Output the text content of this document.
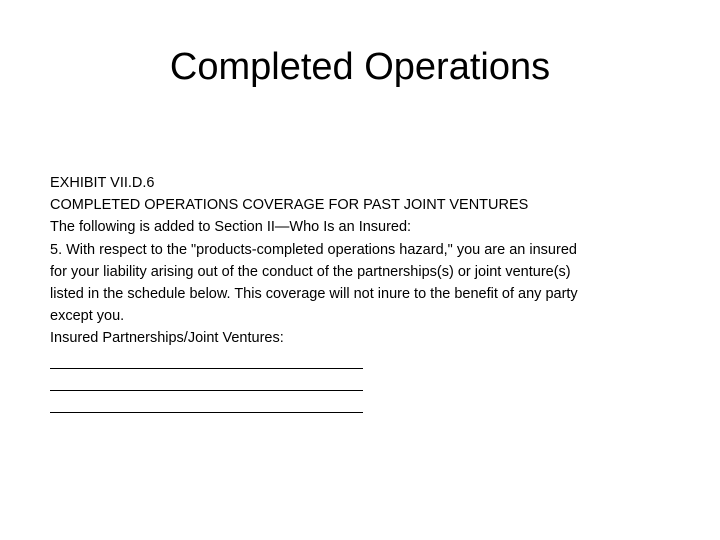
Completed Operations
EXHIBIT VII.D.6
COMPLETED OPERATIONS COVERAGE FOR PAST JOINT VENTURES
The following is added to Section II—Who Is an Insured:
5. With respect to the "products-completed operations hazard," you are an insured
for your liability arising out of the conduct of the partnerships(s) or joint venture(s)
listed in the schedule below. This coverage will not inure to the benefit of any party
except you.
Insured Partnerships/Joint Ventures:
